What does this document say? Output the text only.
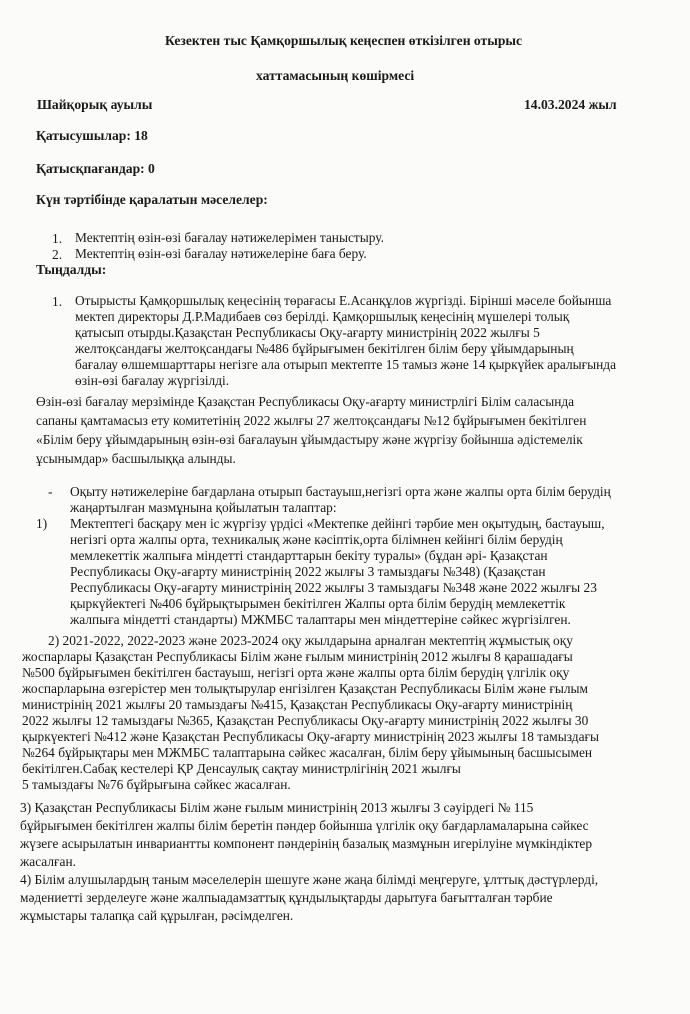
Кезектен тыс Қамқоршылық кеңеспен өткізілген отырыс
хаттамасының көшірмесі
Шайқорық ауылы	14.03.2024 жыл
Қатысушылар: 18
Қатысқпағандар: 0
Күн тәртібінде қаралатын мәселелер:
1. Мектептің өзін-өзі бағалау нәтижелерімен таныстыру.
2. Мектептің өзін-өзі бағалау нәтижелеріне баға беру.
Тыңдалды:
1. Отырысты Қамқоршылық кеңесінің төрағасы Е.Асанқұлов жүргізді. Бірінші мәселе бойынша
мектеп директоры Д.Р.Мадибаев сөз берілді. Қамқоршылық кеңесінің мүшелері толық
қатысып отырды.Қазақстан Республикасы Оқу-ағарту министрінің 2022 жылғы 5
желтоқсандағы желтоқсандағы №486 бұйрығымен бекітілген білім беру ұйымдарының
бағалау өлшемшарттары негізге ала отырып мектепте 15 тамыз және 14 қыркүйек аралығында
өзін-өзі бағалау жүргізілді.
Өзін-өзі бағалау мерзімінде Қазақстан Республикасы Оқу-ағарту министрлігі Білім саласында
сапаны қамтамасыз ету комитетінің 2022 жылғы 27 желтоқсандағы №12 бұйрығымен бекітілген
«Білім беру ұйымдарының өзін-өзі бағалауын ұйымдастыру және жүргізу бойынша әдістемелік
ұсынымдар» басшылыққа алынды.
- Оқыту нәтижелеріне бағдарлана отырып бастауыш,негізгі орта және жалпы орта білім берудің
жаңартылған мазмұнына қойылатын талаптар:
1) Мектептегі басқару мен іс жүргізу үрдісі «Мектепке дейінгі тәрбие мен оқытудың, бастауыш,
негізгі орта жалпы орта, техникалық және кәсіптік,орта білімнен кейінгі білім берудің
мемлекеттік жалпыға міндетті стандарттарын бекіту туралы» (бұдан әрі- Қазақстан
Республикасы Оқу-ағарту министрінің 2022 жылғы 3 тамыздағы №348) (Қазақстан
Республикасы Оқу-ағарту министрінің 2022 жылғы 3 тамыздағы №348 және 2022 жылғы 23
қыркүйектегі №406 бұйрықтырымен бекітілген Жалпы орта білім берудің мемлекеттік
жалпыға міндетті стандарты) МЖМБС талаптары мен міндеттеріне сәйкес жүргізілген.
2) 2021-2022, 2022-2023 және 2023-2024 оқу жылдарына арналған мектептің жұмыстық оқу
жоспарлары Қазақстан Республикасы Білім және ғылым министрінің 2012 жылғы 8 қарашадағы
№500 бұйрығымен бекітілген бастауыш, негізгі орта және жалпы орта білім берудің үлгілік оқу
жоспарларына өзгерістер мен толықтырулар енгізілген Қазақстан Республикасы Білім және ғылым
министрінің 2021 жылғы 20 тамыздағы №415, Қазақстан Республикасы Оқу-ағарту министрінің
2022 жылғы 12 тамыздағы №365, Қазақстан Республикасы Оқу-ағарту министрінің 2022 жылғы 30
қыркүектегі №412 және Қазақстан Республикасы Оқу-ағарту министрінің 2023 жылғы 18 тамыздағы
№264 бұйрықтары мен МЖМБС талаптарына сәйкес жасалған, білім беру ұйымының басшысымен
бекітілген.Сабақ кестелері ҚР Денсаулық сақтау министрлігінің 2021 жылғы
5 тамыздағы №76 бұйрығына сәйкес жасалған.
3) Қазақстан Республикасы Білім және ғылым министрінің 2013 жылғы 3 сәуірдегі № 115
бұйрығымен бекітілген жалпы білім беретін пәндер бойынша үлгілік оқу бағдарламаларына сәйкес
жүзеге асырылатын инвариантты компонент пәндерінің базалық мазмұнын игерілуіне мүмкіндіктер
жасалған.
4) Білім алушылардың таным мәселелерін шешуге және жаңа білімді меңгеруге, ұлттық дәстүрлерді,
мәдениетті зерделеуге және жалпыадамзаттық құндылықтарды дарытуға бағытталған тәрбие
жұмыстары талапқа сай құрылған, рәсімделген.
